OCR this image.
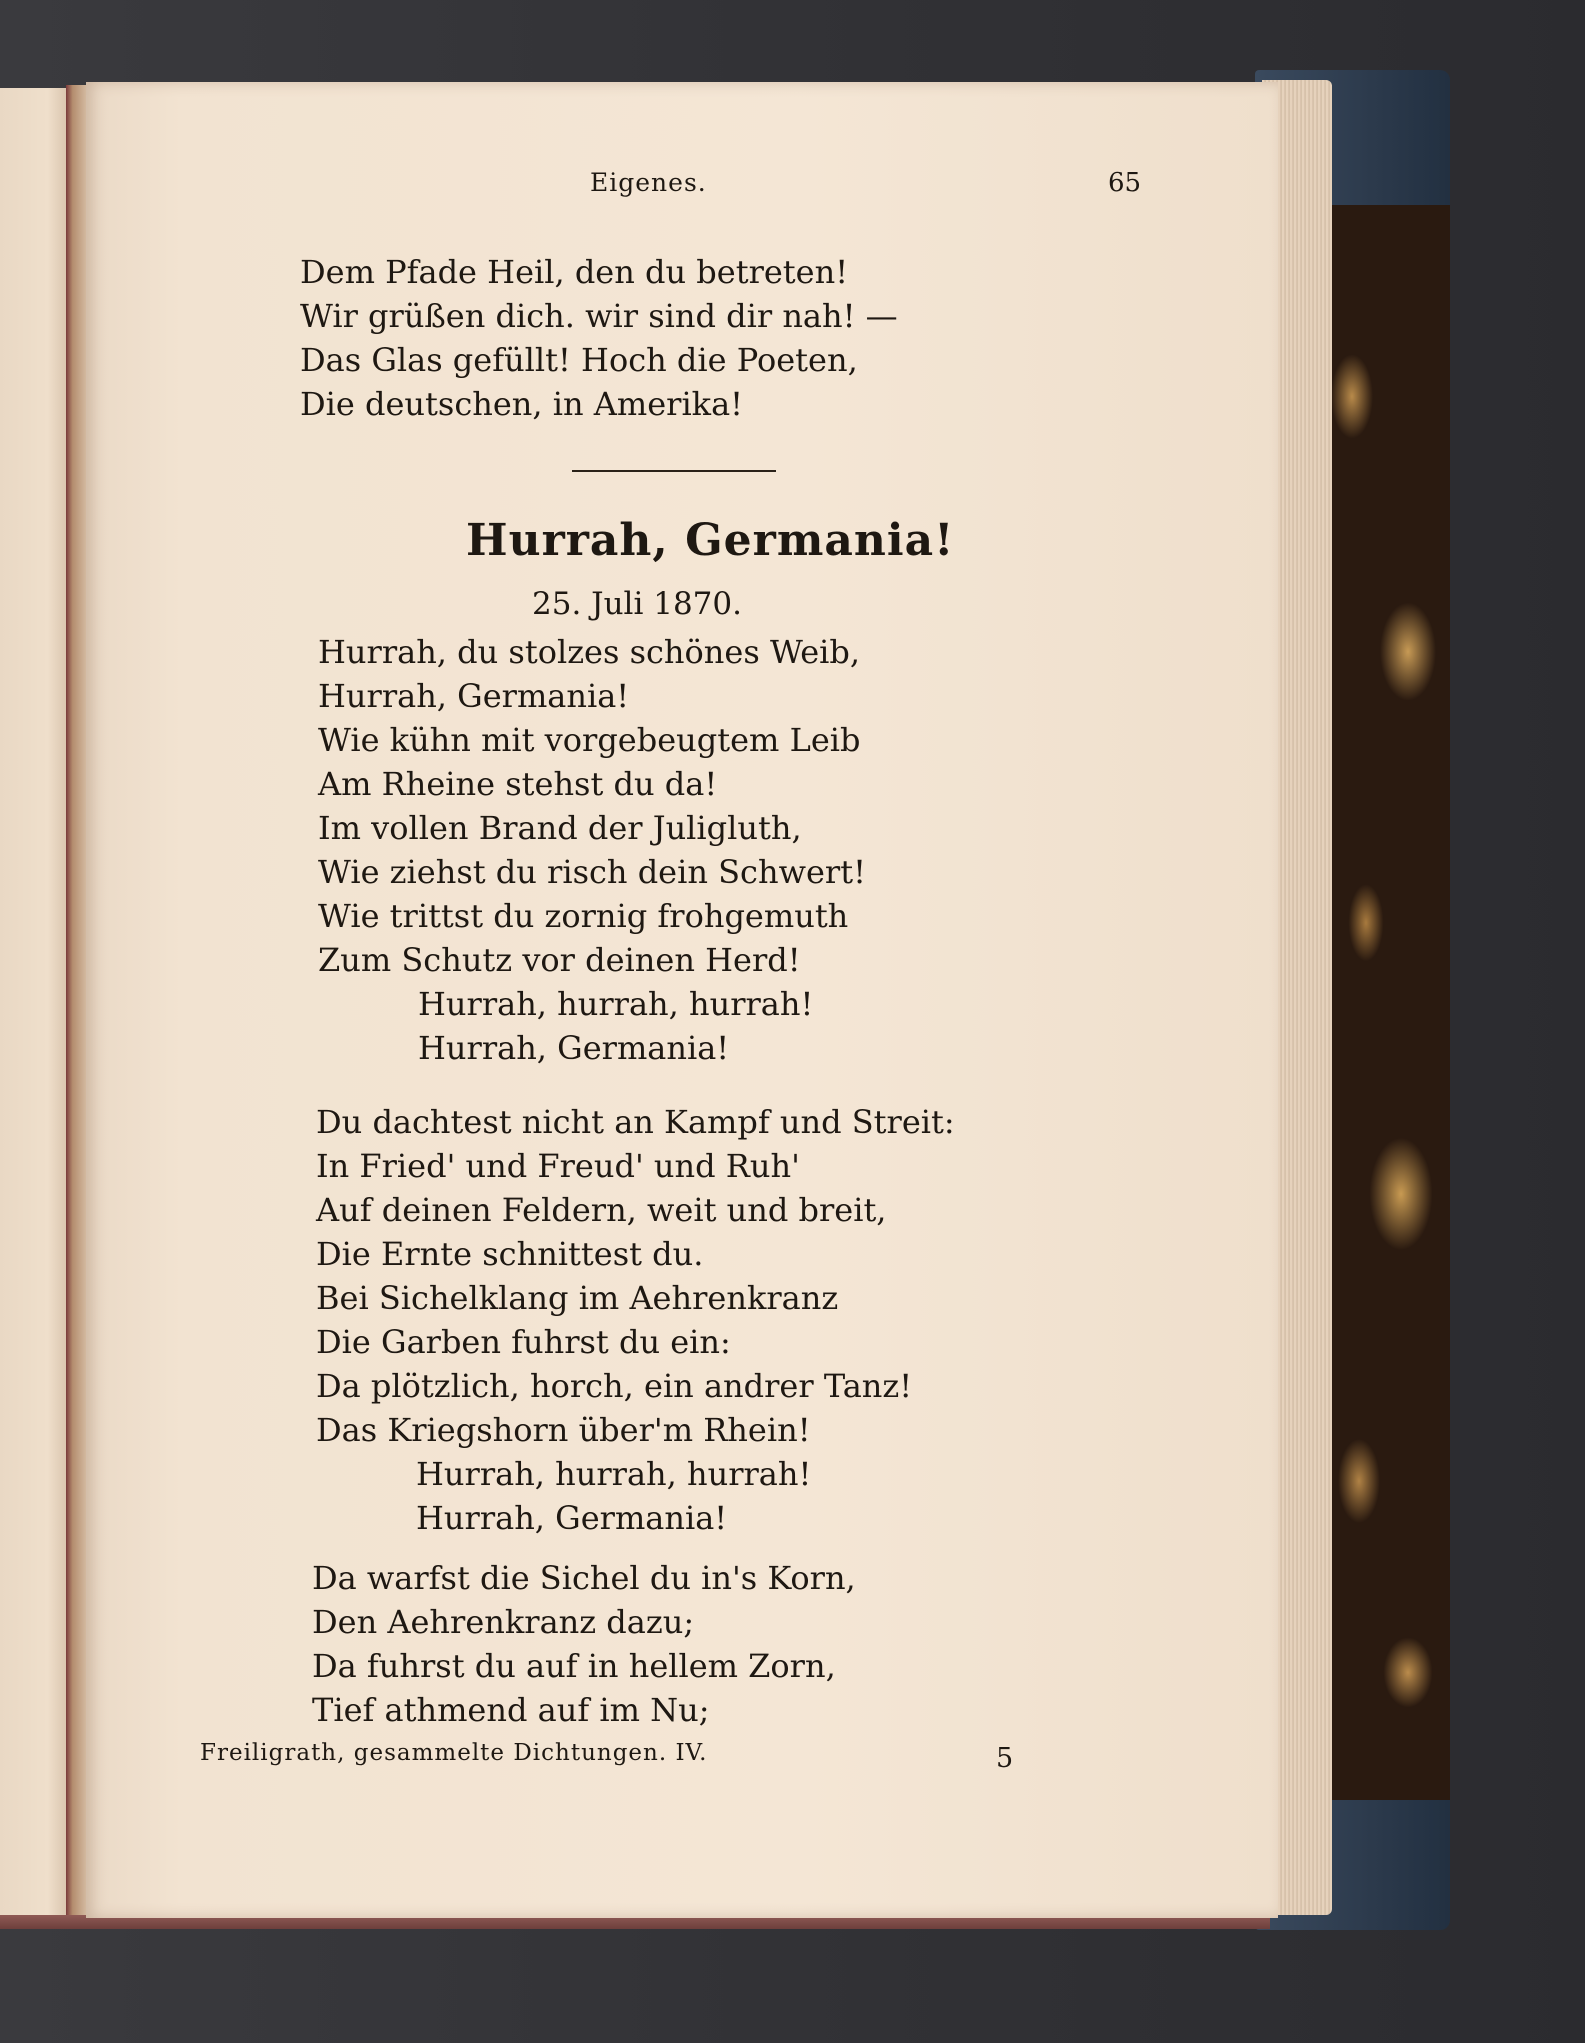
Eigenes.	65
Dem Pfade Heil, den du betreten!
Wir grüßen dich. wir sind dir nah! —
Das Glas gefüllt! Hoch die Poeten,
Die deutschen, in Amerika!
Hurrah, Germania!
25. Juli 1870.
Hurrah, du stolzes schönes Weib,
Hurrah, Germania!
Wie kühn mit vorgebeugtem Leib
Am Rheine stehst du da!
Im vollen Brand der Juligluth,
Wie ziehst du risch dein Schwert!
Wie trittst du zornig frohgemuth
Zum Schutz vor deinen Herd!
Hurrah, hurrah, hurrah!
Hurrah, Germania!
Du dachtest nicht an Kampf und Streit:
In Fried' und Freud' und Ruh'
Auf deinen Feldern, weit und breit,
Die Ernte schnittest du.
Bei Sichelklang im Aehrenkranz
Die Garben fuhrst du ein:
Da plötzlich, horch, ein andrer Tanz!
Das Kriegshorn über'm Rhein!
Hurrah, hurrah, hurrah!
Hurrah, Germania!
Da warfst die Sichel du in's Korn,
Den Aehrenkranz dazu;
Da fuhrst du auf in hellem Zorn,
Tief athmend auf im Nu;
Freiligrath, gesammelte Dichtungen. IV.	5
